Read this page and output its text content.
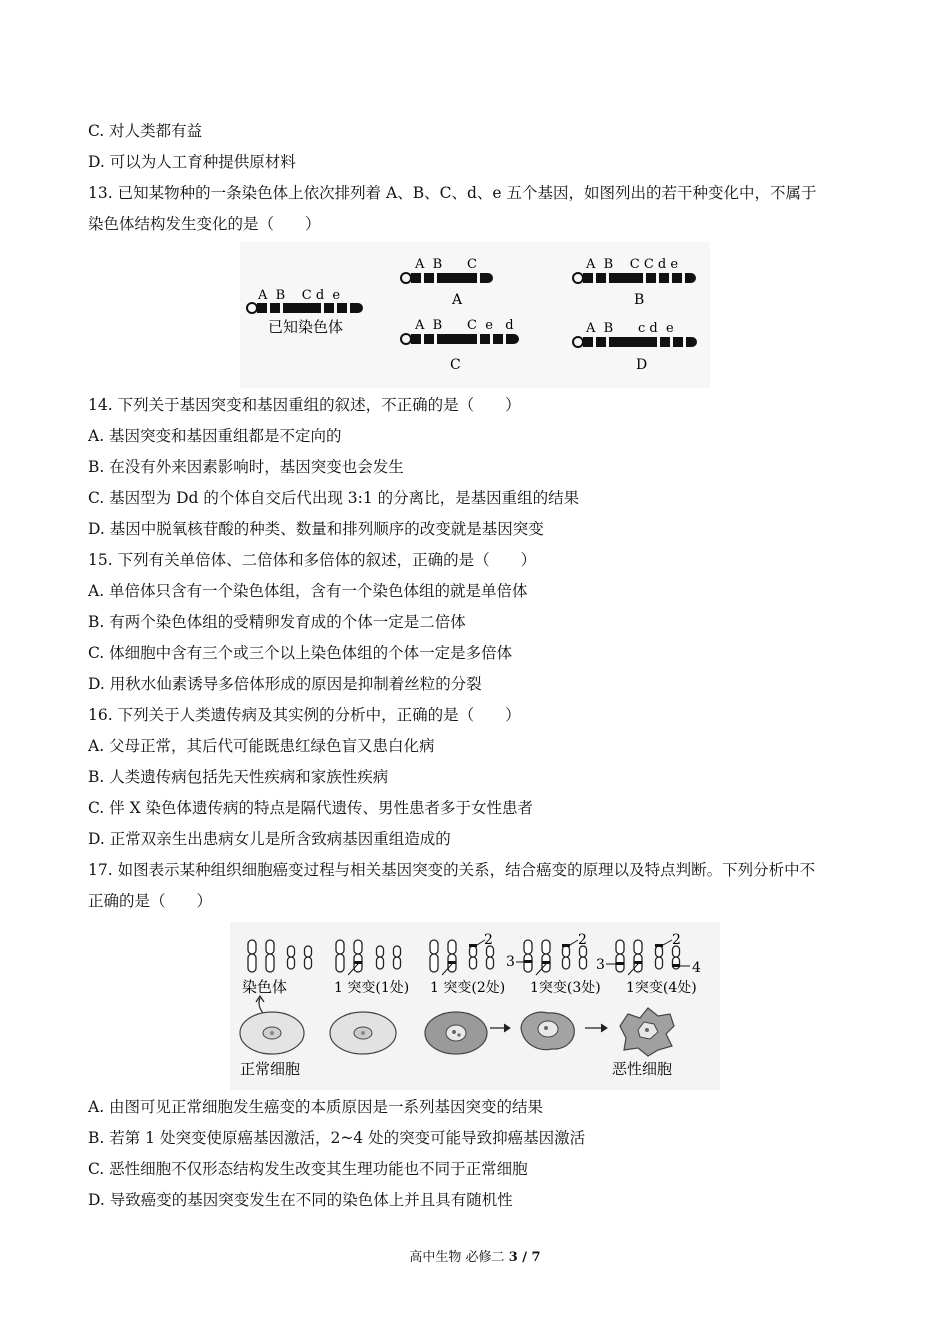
C. 对人类都有益
D. 可以为人工育种提供原材料
13. 已知某物种的一条染色体上依次排列着 A、B、C、d、e 五个基因，如图列出的若干种变化中，不属于
染色体结构发生变化的是（　　）
14. 下列关于基因突变和基因重组的叙述，不正确的是（　　）
A. 基因突变和基因重组都是不定向的
B. 在没有外来因素影响时，基因突变也会发生
C. 基因型为 Dd 的个体自交后代出现 3:1 的分离比，是基因重组的结果
D. 基因中脱氧核苷酸的种类、数量和排列顺序的改变就是基因突变
15. 下列有关单倍体、二倍体和多倍体的叙述，正确的是（　　）
A. 单倍体只含有一个染色体组，含有一个染色体组的就是单倍体
B. 有两个染色体组的受精卵发育成的个体一定是二倍体
C. 体细胞中含有三个或三个以上染色体组的个体一定是多倍体
D. 用秋水仙素诱导多倍体形成的原因是抑制着丝粒的分裂
16. 下列关于人类遗传病及其实例的分析中，正确的是（　　）
A. 父母正常，其后代可能既患红绿色盲又患白化病
B. 人类遗传病包括先天性疾病和家族性疾病
C. 伴 X 染色体遗传病的特点是隔代遗传、男性患者多于女性患者
D. 正常双亲生出患病女儿是所含致病基因重组造成的
17. 如图表示某种组织细胞癌变过程与相关基因突变的关系，结合癌变的原理以及特点判断。下列分析中不
正确的是（　　）
A. 由图可见正常细胞发生癌变的本质原因是一系列基因突变的结果
B. 若第 1 处突变使原癌基因激活，2~4 处的突变可能导致抑癌基因激活
C. 恶性细胞不仅形态结构发生改变其生理功能也不同于正常细胞
D. 导致癌变的基因突变发生在不同的染色体上并且具有随机性
A  B    C d  e
已知染色体
A  B      C
A
A  B    C C d e
B
A  B      C  e   d
C
A  B      c d  e
D
2
3
2
3
2
4
染色体	1 突变(1处) 1 突变(2处) 1突变(3处) 1突变(4处)
正常细胞	恶性细胞
高中生物 必修二 3 / 7
